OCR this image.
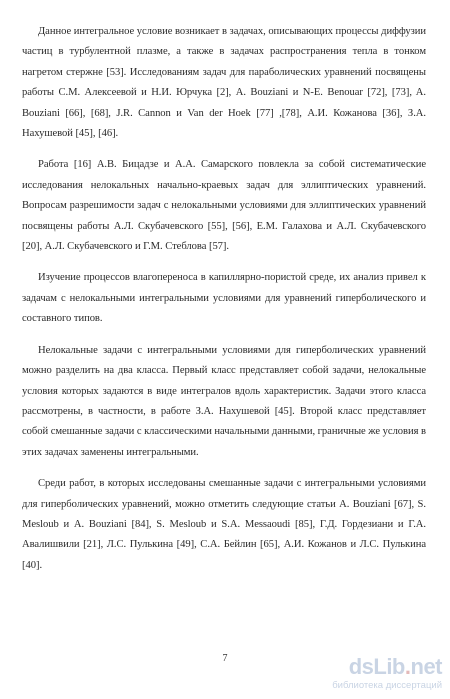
Данное интегральное условие возникает в задачах, описывающих процессы диффузии частиц в турбулентной плазме, а также в задачах распространения тепла в тонком нагретом стержне [53]. Исследованиям задач для параболических уравнений посвящены работы С.М. Алексеевой и Н.И. Юрчука [2], A. Bouziani и N-E. Benouar [72], [73], A. Bouziani [66], [68], J.R. Cannon и Van der Hoek [77] ,[78], А.И. Кожанова [36], З.А. Нахушевой [45], [46].

Работа [16] А.В. Бицадзе и А.А. Самарского повлекла за собой систематические исследования нелокальных начально-краевых задач для эллиптических уравнений. Вопросам разрешимости задач с нелокальными условиями для эллиптических уравнений посвящены работы А.Л. Скубачевского [55], [56], Е.М. Галахова и А.Л. Скубачевского [20], А.Л. Скубачевского и Г.М. Стеблова [57].

Изучение процессов влагопереноса в капиллярно-пористой среде, их анализ привел к задачам с нелокальными интегральными условиями для уравнений гиперболического и составного типов.

Нелокальные задачи с интегральными условиями для гиперболических уравнений можно разделить на два класса. Первый класс представляет собой задачи, нелокальные условия которых задаются в виде интегралов вдоль характеристик. Задачи этого класса рассмотрены, в частности, в работе З.А. Нахушевой [45]. Второй класс представляет собой смешанные задачи с классическими начальными данными, граничные же условия в этих задачах заменены интегральными.

Среди работ, в которых исследованы смешанные задачи с интегральными условиями для гиперболических уравнений, можно отметить следующие статьи A. Bouziani [67], S. Mesloub и A. Bouziani [84], S. Mesloub и S.A. Messaoudi [85], Г.Д. Гордезиани и Г.А. Авалишвили [21], Л.С. Пулькина [49], С.А. Бейлин [65], А.И. Кожанов и Л.С. Пулькина [40].

7	dsLib.net
библиотека диссертаций
